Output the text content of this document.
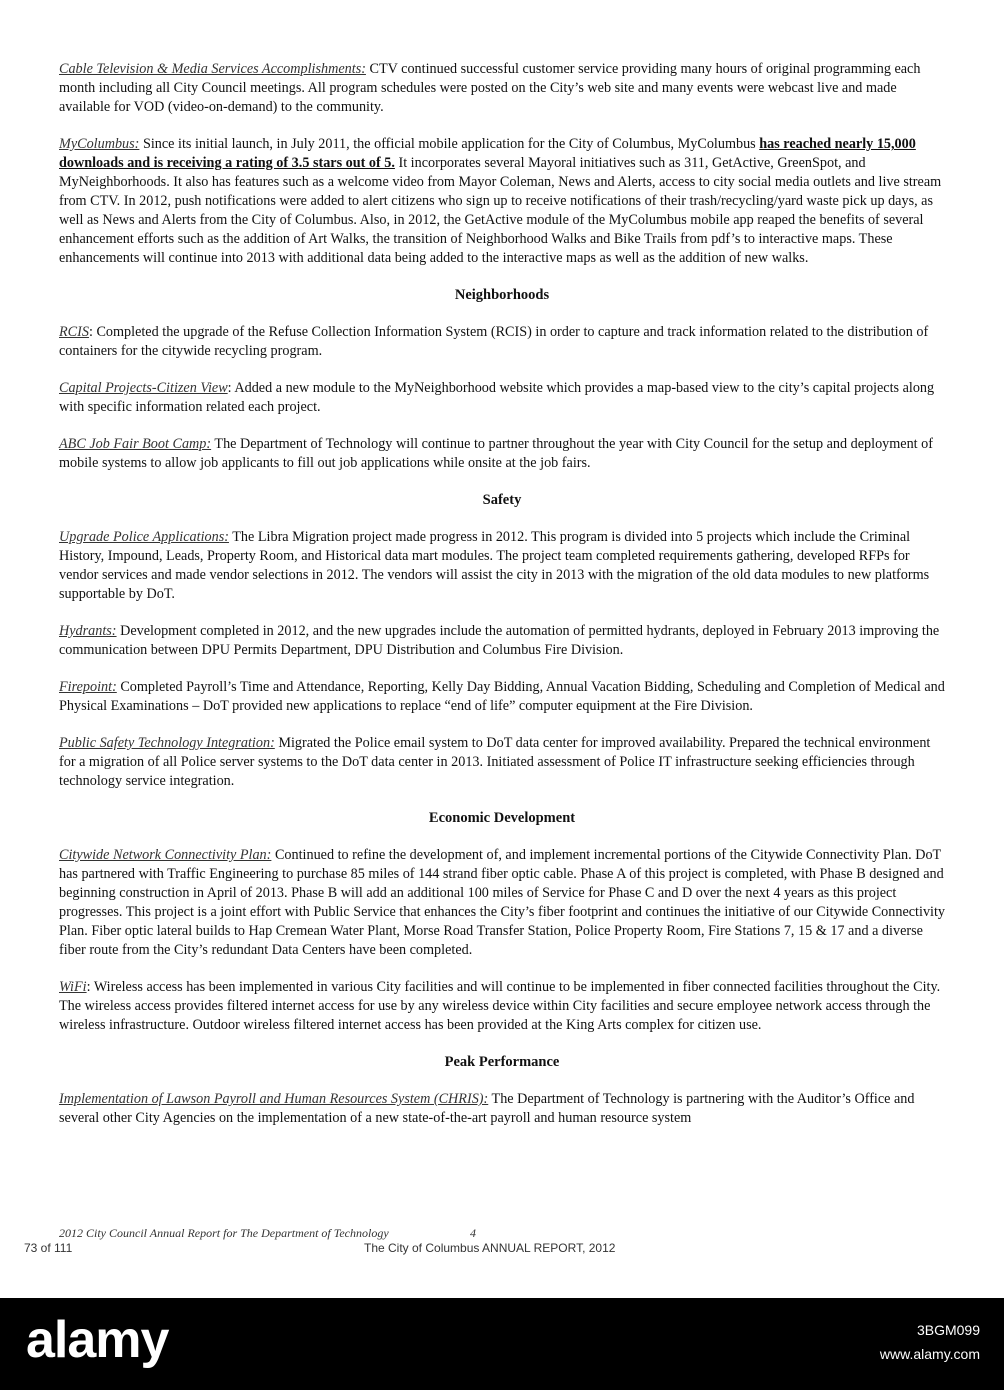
Cable Television & Media Services Accomplishments: CTV continued successful customer service providing many hours of original programming each month including all City Council meetings. All program schedules were posted on the City’s web site and many events were webcast live and made available for VOD (video-on-demand) to the community.

MyColumbus: Since its initial launch, in July 2011, the official mobile application for the City of Columbus, MyColumbus has reached nearly 15,000 downloads and is receiving a rating of 3.5 stars out of 5. It incorporates several Mayoral initiatives such as 311, GetActive, GreenSpot, and MyNeighborhoods. It also has features such as a welcome video from Mayor Coleman, News and Alerts, access to city social media outlets and live stream from CTV. In 2012, push notifications were added to alert citizens who sign up to receive notifications of their trash/recycling/yard waste pick up days, as well as News and Alerts from the City of Columbus. Also, in 2012, the GetActive module of the MyColumbus mobile app reaped the benefits of several enhancement efforts such as the addition of Art Walks, the transition of Neighborhood Walks and Bike Trails from pdf’s to interactive maps. These enhancements will continue into 2013 with additional data being added to the interactive maps as well as the addition of new walks.

Neighborhoods

RCIS: Completed the upgrade of the Refuse Collection Information System (RCIS) in order to capture and track information related to the distribution of containers for the citywide recycling program.

Capital Projects-Citizen View: Added a new module to the MyNeighborhood website which provides a map-based view to the city’s capital projects along with specific information related each project.

ABC Job Fair Boot Camp: The Department of Technology will continue to partner throughout the year with City Council for the setup and deployment of mobile systems to allow job applicants to fill out job applications while onsite at the job fairs.

Safety

Upgrade Police Applications: The Libra Migration project made progress in 2012. This program is divided into 5 projects which include the Criminal History, Impound, Leads, Property Room, and Historical data mart modules. The project team completed requirements gathering, developed RFPs for vendor services and made vendor selections in 2012. The vendors will assist the city in 2013 with the migration of the old data modules to new platforms supportable by DoT.

Hydrants: Development completed in 2012, and the new upgrades include the automation of permitted hydrants, deployed in February 2013 improving the communication between DPU Permits Department, DPU Distribution and Columbus Fire Division.

Firepoint: Completed Payroll’s Time and Attendance, Reporting, Kelly Day Bidding, Annual Vacation Bidding, Scheduling and Completion of Medical and Physical Examinations – DoT provided new applications to replace “end of life” computer equipment at the Fire Division.

Public Safety Technology Integration: Migrated the Police email system to DoT data center for improved availability. Prepared the technical environment for a migration of all Police server systems to the DoT data center in 2013. Initiated assessment of Police IT infrastructure seeking efficiencies through technology service integration.

Economic Development

Citywide Network Connectivity Plan: Continued to refine the development of, and implement incremental portions of the Citywide Connectivity Plan. DoT has partnered with Traffic Engineering to purchase 85 miles of 144 strand fiber optic cable. Phase A of this project is completed, with Phase B designed and beginning construction in April of 2013. Phase B will add an additional 100 miles of Service for Phase C and D over the next 4 years as this project progresses. This project is a joint effort with Public Service that enhances the City’s fiber footprint and continues the initiative of our Citywide Connectivity Plan. Fiber optic lateral builds to Hap Cremean Water Plant, Morse Road Transfer Station, Police Property Room, Fire Stations 7, 15 & 17 and a diverse fiber route from the City’s redundant Data Centers have been completed.

WiFi: Wireless access has been implemented in various City facilities and will continue to be implemented in fiber connected facilities throughout the City. The wireless access provides filtered internet access for use by any wireless device within City facilities and secure employee network access through the wireless infrastructure. Outdoor wireless filtered internet access has been provided at the King Arts complex for citizen use.

Peak Performance

Implementation of Lawson Payroll and Human Resources System (CHRIS): The Department of Technology is partnering with the Auditor’s Office and several other City Agencies on the implementation of a new state-of-the-art payroll and human resource system

2012 City Council Annual Report for The Department of Technology	4
73 of 111	The City of Columbus ANNUAL REPORT, 2012
alamy	3BGM099
www.alamy.com
